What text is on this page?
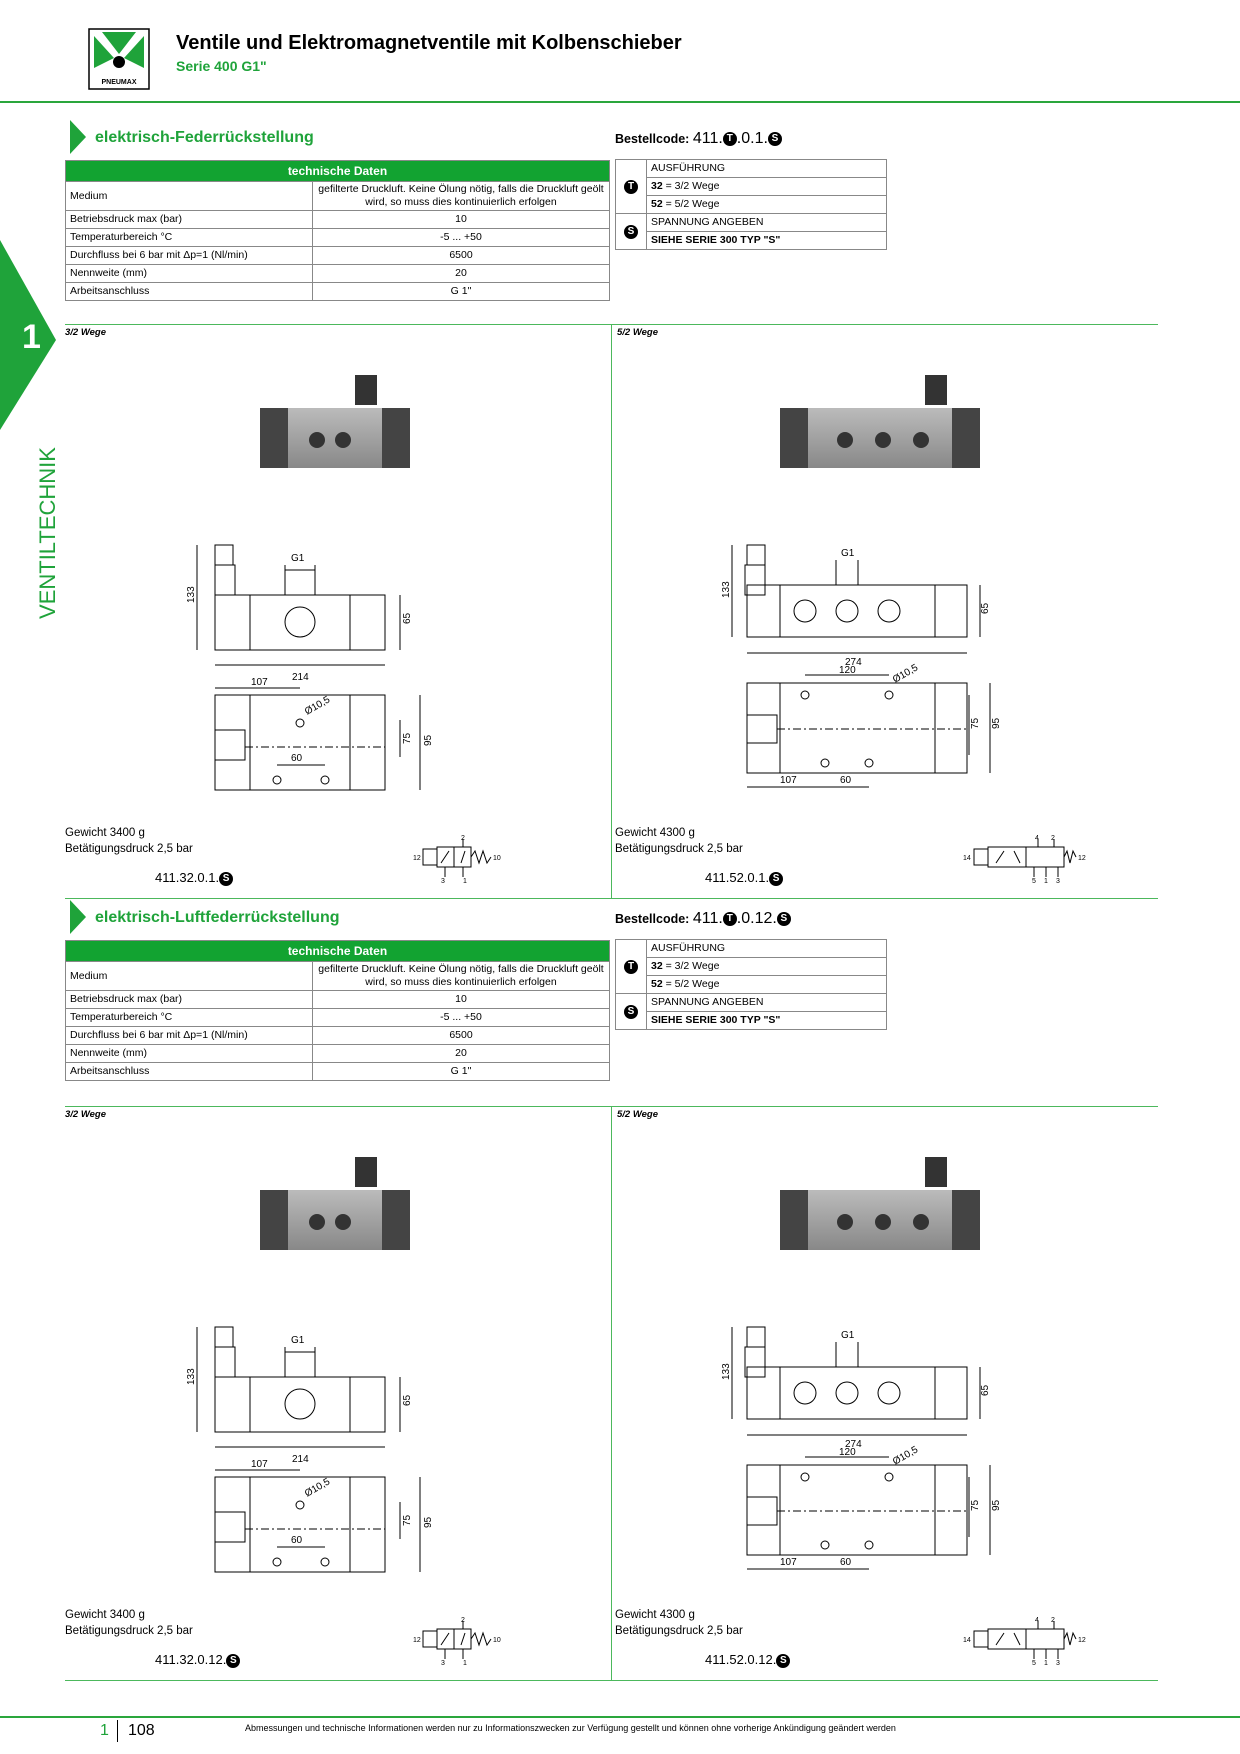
PNEUMAX
Ventile und Elektromagnetventile mit Kolbenschieber
Serie 400 G1"
1
VENTILTECHNIK
elektrisch-Federrückstellung	Bestellcode: 411. T .0.1. S
technische Daten	
Medium	gefilterte Druckluft. Keine Ölung nötig, falls die Druckluft geölt wird, so muss dies kontinuierlich erfolgen
Betriebsdruck max (bar)	10
Temperaturbereich °C	-5 ... +50
Durchfluss bei 6 bar mit Δp=1 (Nl/min)	6500
Nennweite (mm)	20
Arbeitsanschluss	G 1"
T	AUSFÜHRUNG
	32 = 3/2 Wege
	52 = 5/2 Wege
S	SPANNUNG ANGEBEN
	SIEHE SERIE 300 TYP "S"
3/2 Wege	5/2 Wege
elektrisch-Luftfederrückstellung	Bestellcode: 411. T .0.12. S
technische Daten	
Medium	gefilterte Druckluft. Keine Ölung nötig, falls die Druckluft geölt wird, so muss dies kontinuierlich erfolgen
Betriebsdruck max (bar)	10
Temperaturbereich °C	-5 ... +50
Durchfluss bei 6 bar mit Δp=1 (Nl/min)	6500
Nennweite (mm)	20
Arbeitsanschluss	G 1"
T	AUSFÜHRUNG
	32 = 3/2 Wege
	52 = 5/2 Wege
S	SPANNUNG ANGEBEN
	SIEHE SERIE 300 TYP "S"
3/2 Wege	5/2 Wege
133
G1
65
214
107
Ø10,5
60
75 95
Gewicht 3400 g
Betätigungsdruck 2,5 bar
411.32.0.1. S
12	10
2
3	1
133
G1
65
274
120	Ø10,5
75 95
107	60
Gewicht 4300 g
Betätigungsdruck 2,5 bar
411.52.0.1. S
14	12
4 2
5 1 3
133
G1
65
214
107
Ø10,5
60
75 95
Gewicht 3400 g
Betätigungsdruck 2,5 bar
411.32.0.12. S
12	10
2
3	1
133
G1
65
274
120	Ø10,5
75 95
107	60
Gewicht 4300 g
Betätigungsdruck 2,5 bar
411.52.0.12. S
14	12
4 2
5 1 3
1 108	Abmessungen und technische Informationen werden nur zu Informationszwecken zur Verfügung gestellt und können ohne vorherige Ankündigung geändert werden
